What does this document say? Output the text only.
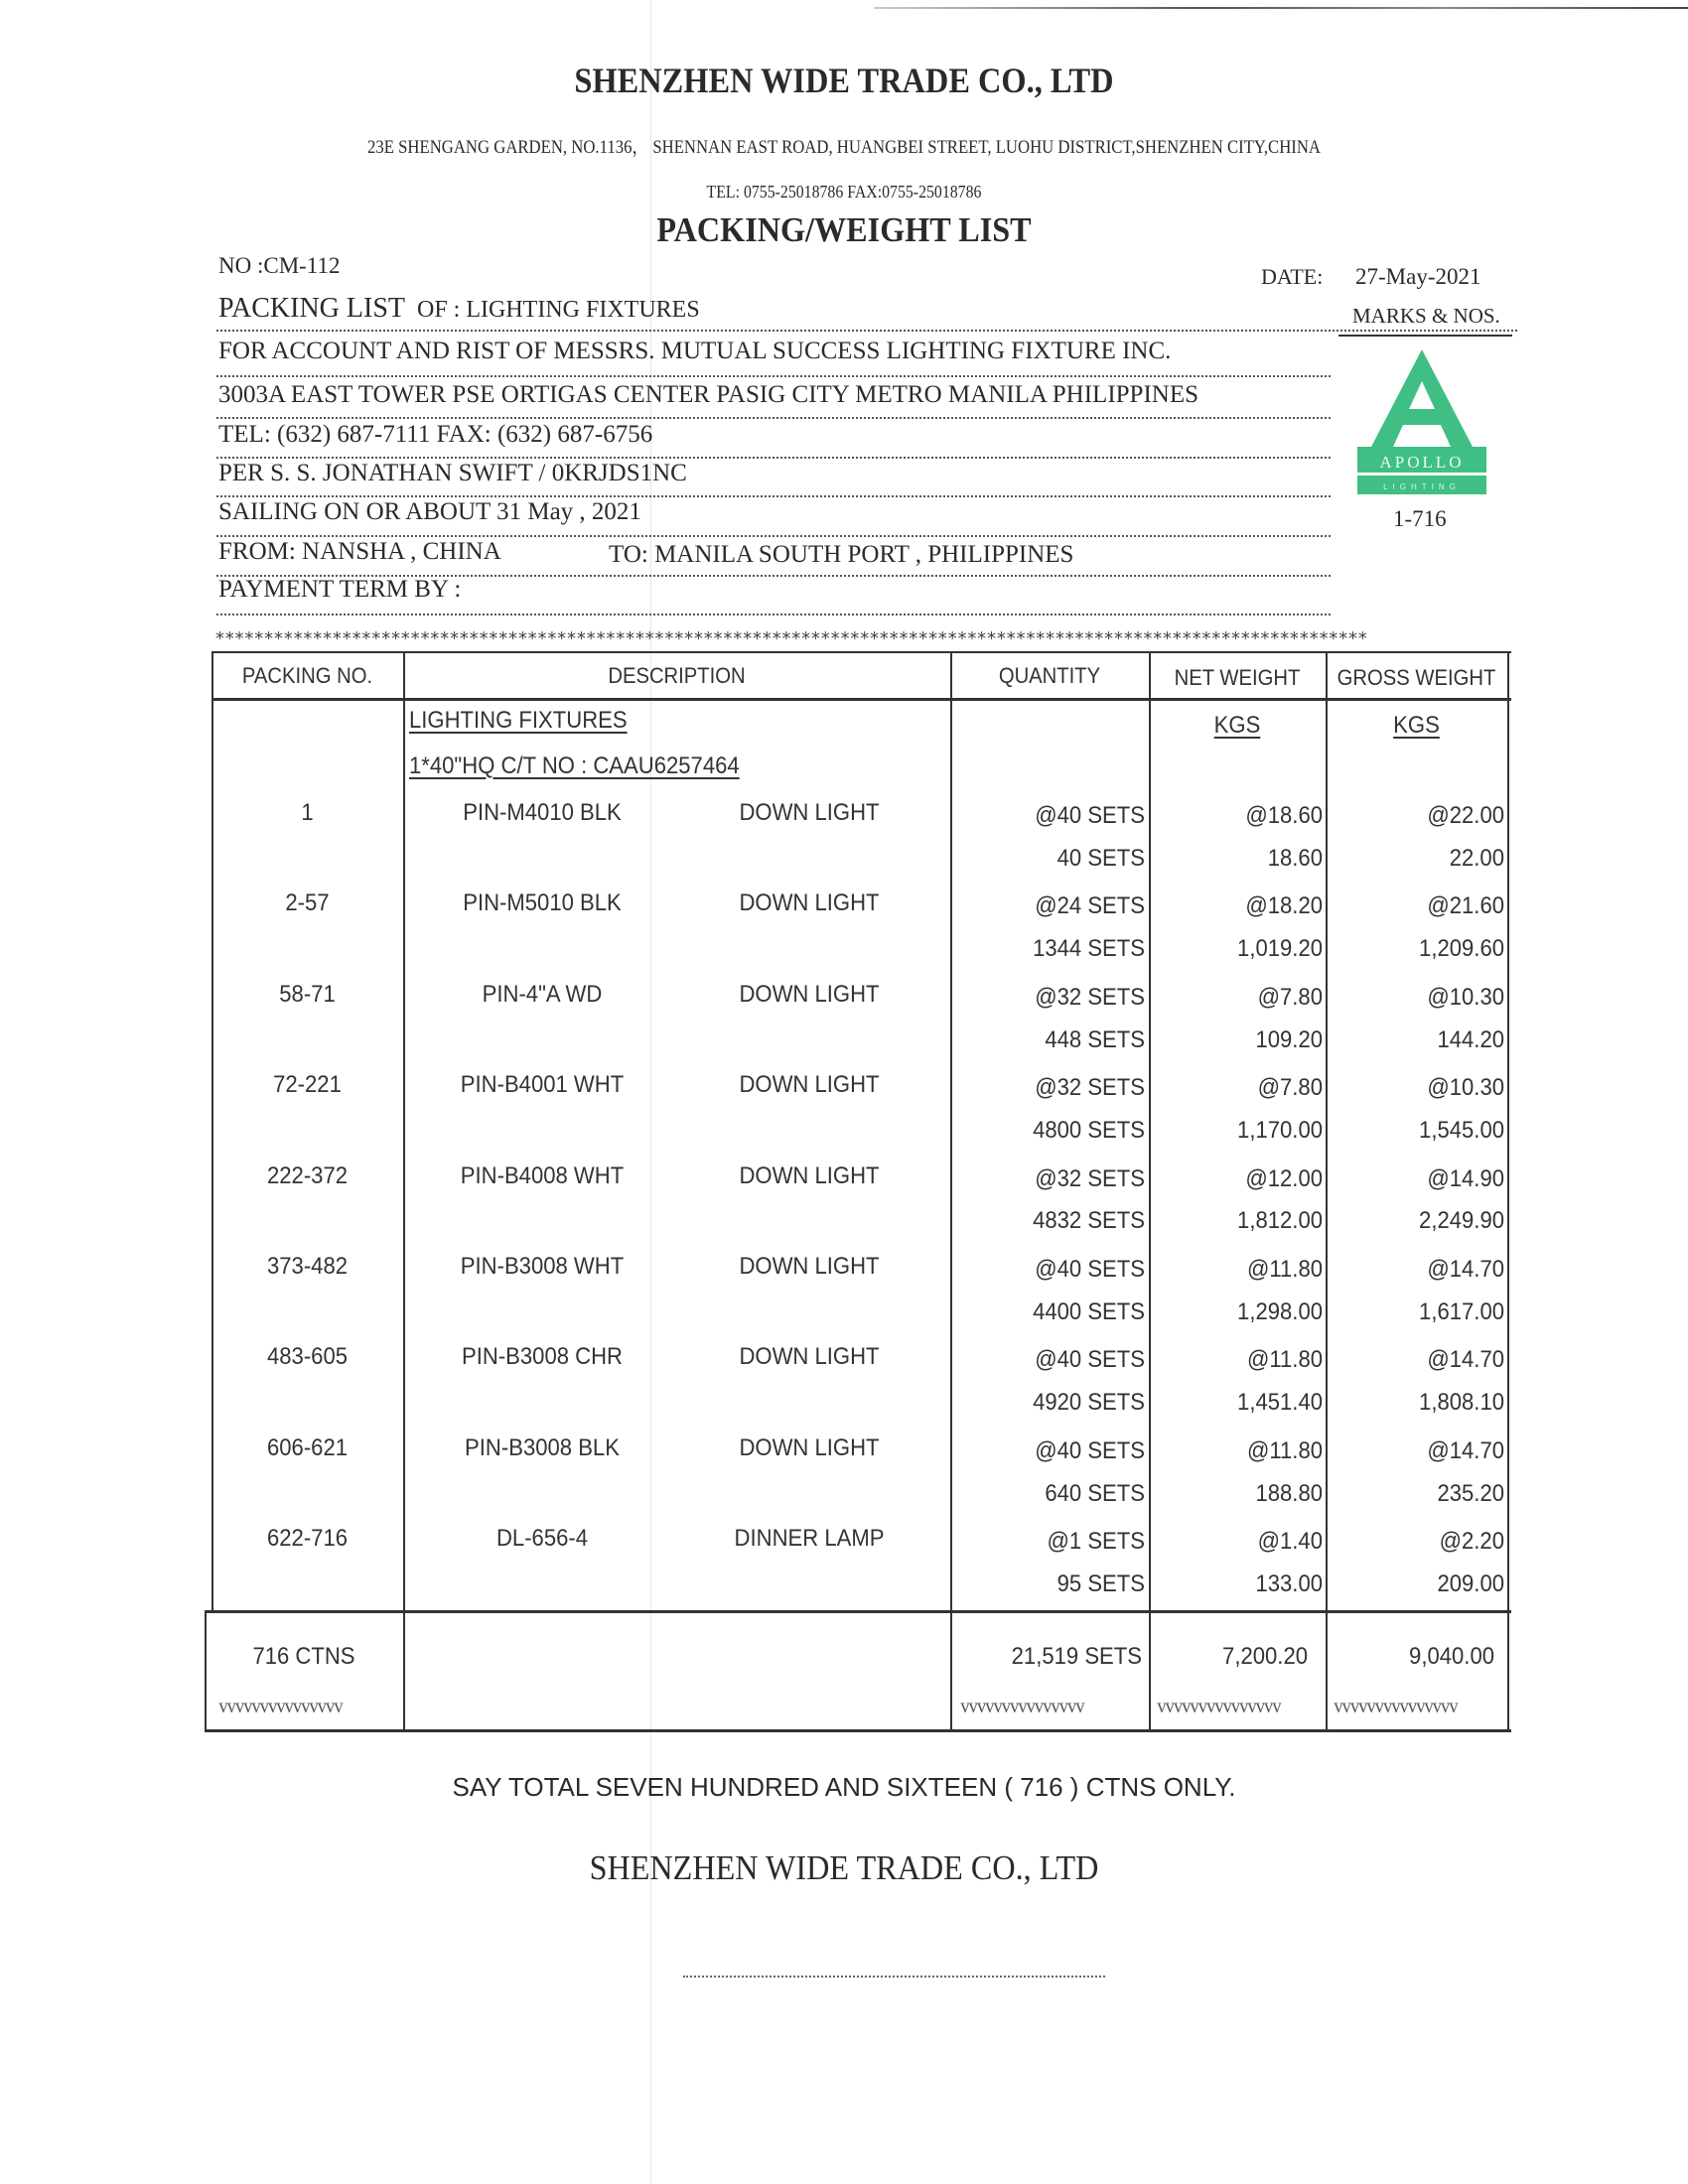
SHENZHEN WIDE TRADE CO., LTD
23E SHENGANG GARDEN, NO.1136， SHENNAN EAST ROAD, HUANGBEI STREET, LUOHU DISTRICT,SHENZHEN CITY,CHINA
TEL: 0755-25018786 FAX:0755-25018786
PACKING/WEIGHT LIST
NO :CM-112	DATE: 27-May-2021
MARKS & NOS.
PACKING LIST OF : LIGHTING FIXTURES
FOR ACCOUNT AND RIST OF MESSRS. MUTUAL SUCCESS LIGHTING FIXTURE INC.
3003A EAST TOWER PSE ORTIGAS CENTER PASIG CITY METRO MANILA PHILIPPINES
TEL: (632) 687-7111 FAX: (632) 687-6756
PER S. S. JONATHAN SWIFT / 0KRJDS1NC
SAILING ON OR ABOUT 31 May , 2021
FROM: NANSHA , CHINA	TO: MANILA SOUTH PORT , PHILIPPINES
PAYMENT TERM BY :
APOLLO
LIGHTING
1-716
**********************************************************************************************************************
PACKING NO.	DESCRIPTION	QUANTITY	NET WEIGHT	GROSS WEIGHT
LIGHTING FIXTURES
1*40"HQ C/T NO : CAAU6257464
KGS	KGS
1	PIN-M4010 BLK	DOWN LIGHT	@40 SETS	@18.60	@22.00
40 SETS	18.60	22.00
2-57	PIN-M5010 BLK	DOWN LIGHT	@24 SETS	@18.20	@21.60
1344 SETS	1,019.20	1,209.60
58-71	PIN-4"A WD	DOWN LIGHT	@32 SETS	@7.80	@10.30
448 SETS	109.20	144.20
72-221	PIN-B4001 WHT	DOWN LIGHT	@32 SETS	@7.80	@10.30
4800 SETS	1,170.00	1,545.00
222-372	PIN-B4008 WHT	DOWN LIGHT	@32 SETS	@12.00	@14.90
4832 SETS	1,812.00	2,249.90
373-482	PIN-B3008 WHT	DOWN LIGHT	@40 SETS	@11.80	@14.70
4400 SETS	1,298.00	1,617.00
483-605	PIN-B3008 CHR	DOWN LIGHT	@40 SETS	@11.80	@14.70
4920 SETS	1,451.40	1,808.10
606-621	PIN-B3008 BLK	DOWN LIGHT	@40 SETS	@11.80	@14.70
640 SETS	188.80	235.20
622-716	DL-656-4	DINNER LAMP	@1 SETS	@1.40	@2.20
95 SETS	133.00	209.00
716 CTNS	21,519 SETS	7,200.20	9,040.00
vvvvvvvvvvvvvvv	vvvvvvvvvvvvvvv	vvvvvvvvvvvvvvv	vvvvvvvvvvvvvvv
SAY TOTAL SEVEN HUNDRED AND SIXTEEN ( 716 ) CTNS ONLY.
SHENZHEN WIDE TRADE CO., LTD
